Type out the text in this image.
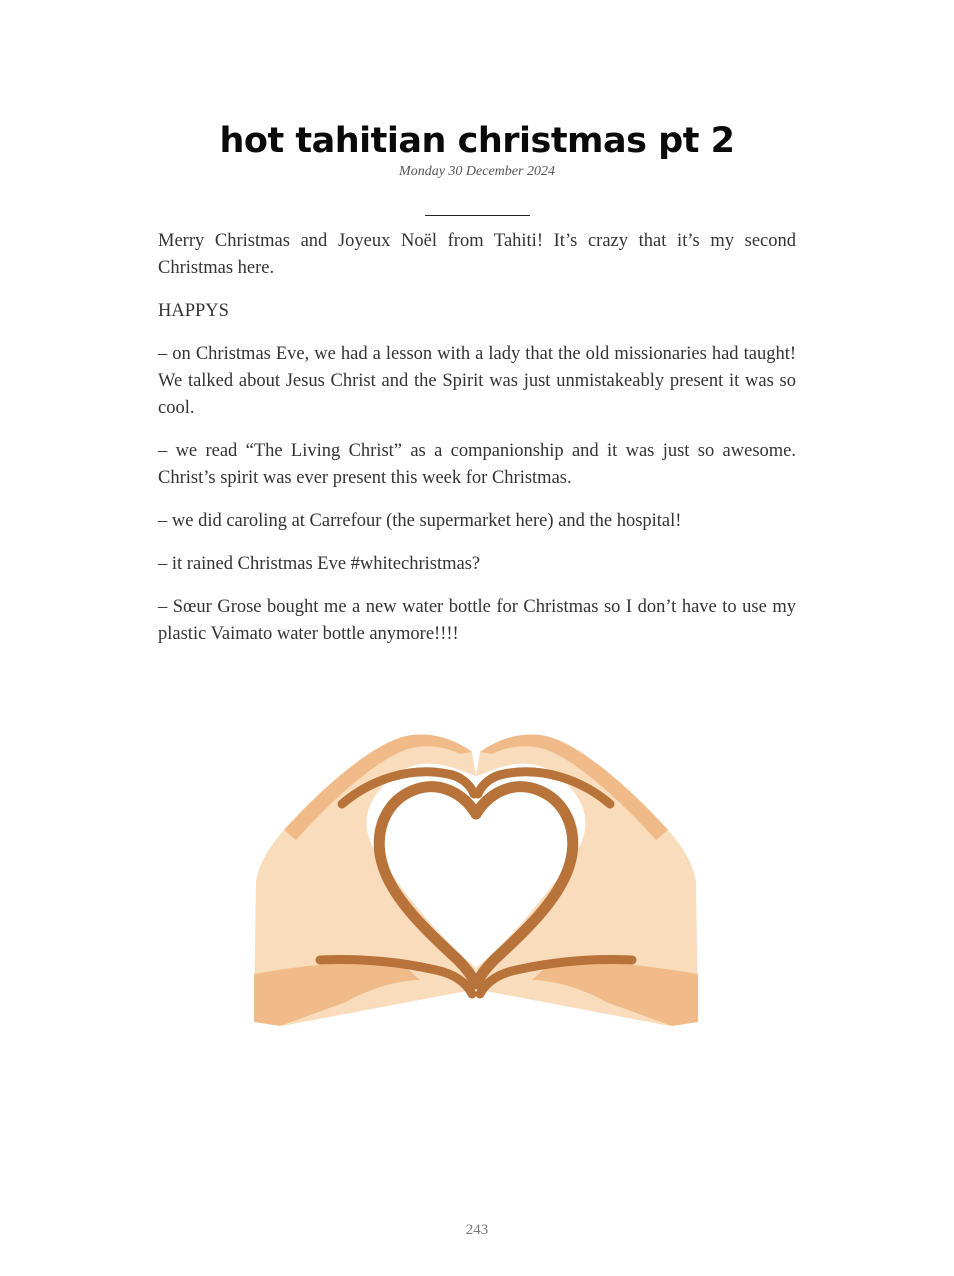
hot tahitian christmas pt 2
Monday 30 December 2024

Merry Christmas and Joyeux Noël from Tahiti! It’s crazy that it’s my second Christmas here.

HAPPYS

– on Christmas Eve, we had a lesson with a lady that the old missionaries had taught! We talked about Jesus Christ and the Spirit was just unmistakeably present it was so cool.

– we read “The Living Christ” as a companionship and it was just so awesome. Christ’s spirit was ever present this week for Christmas.

– we did caroling at Carrefour (the supermarket here) and the hospital!

– it rained Christmas Eve #whitechristmas?

– Sœur Grose bought me a new water bottle for Christmas so I don’t have to use my plastic Vaimato water bottle anymore!!!!

243
